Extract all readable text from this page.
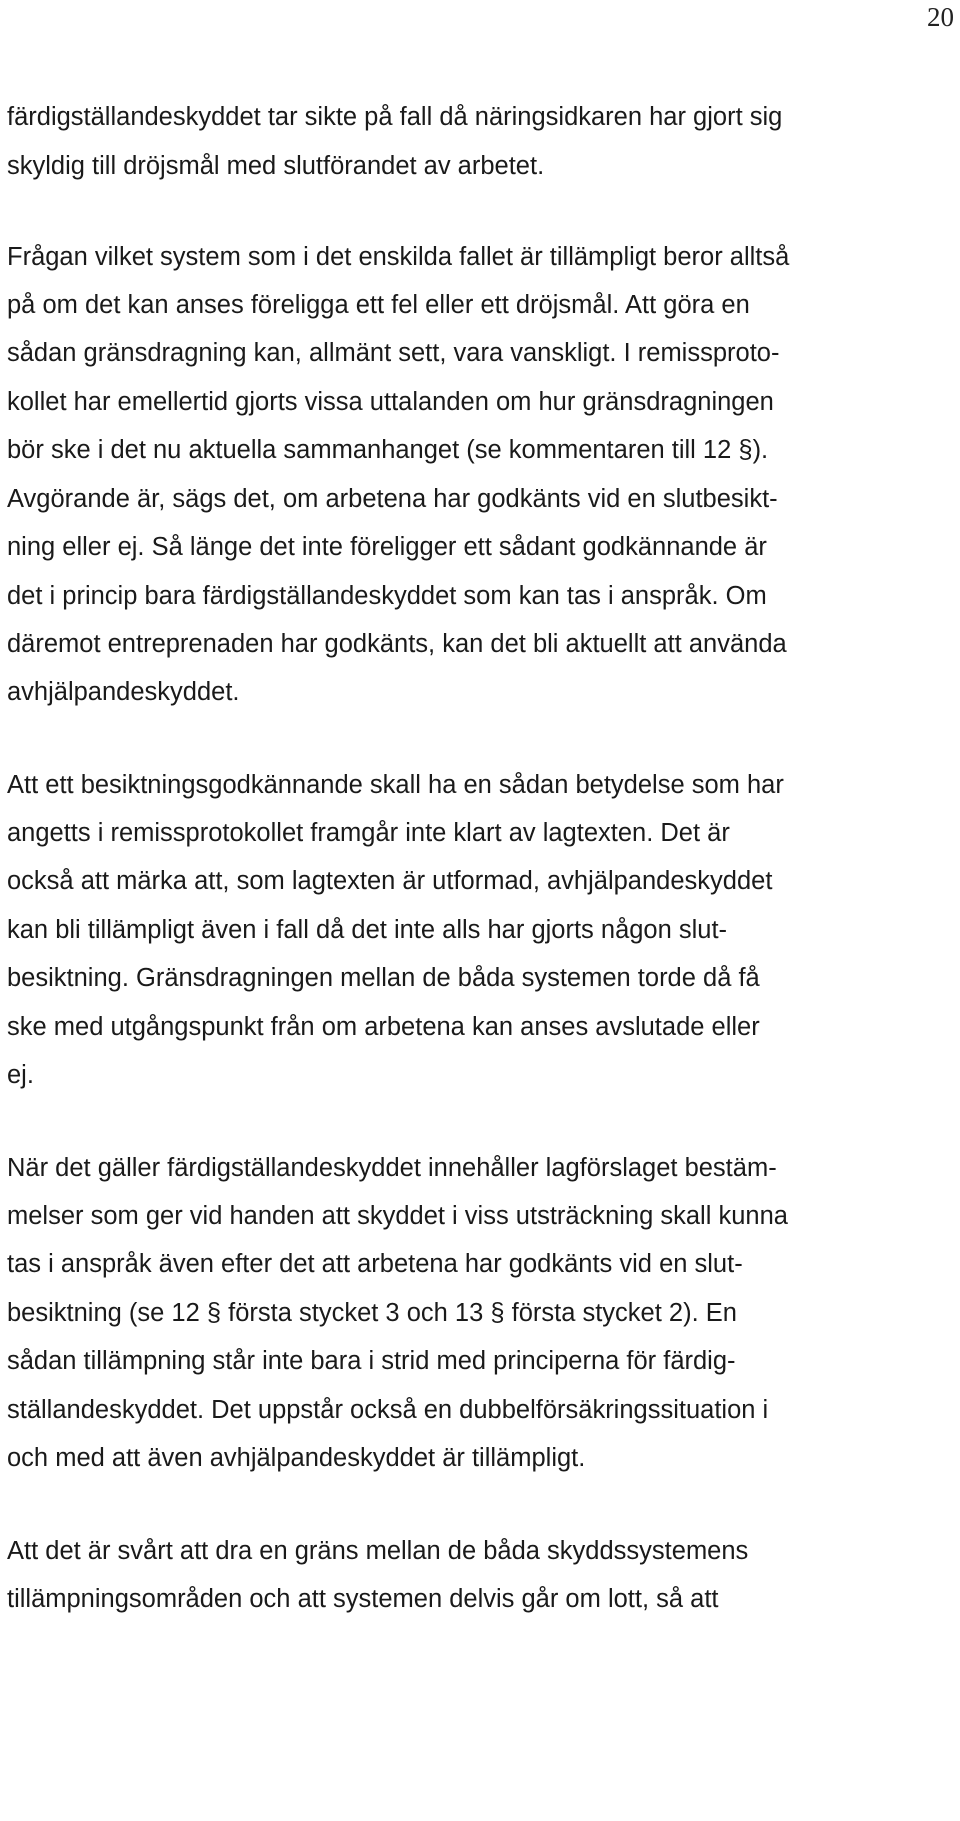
20
färdigställandeskyddet tar sikte på fall då näringsidkaren har gjort sig
skyldig till dröjsmål med slutförandet av arbetet.
Frågan vilket system som i det enskilda fallet är tillämpligt beror alltså
på om det kan anses föreligga ett fel eller ett dröjsmål. Att göra en
sådan gränsdragning kan, allmänt sett, vara vanskligt. I remissproto-
kollet har emellertid gjorts vissa uttalanden om hur gränsdragningen
bör ske i det nu aktuella sammanhanget (se kommentaren till 12 §).
Avgörande är, sägs det, om arbetena har godkänts vid en slutbesikt-
ning eller ej. Så länge det inte föreligger ett sådant godkännande är
det i princip bara färdigställandeskyddet som kan tas i anspråk. Om
däremot entreprenaden har godkänts, kan det bli aktuellt att använda
avhjälpandeskyddet.
Att ett besiktningsgodkännande skall ha en sådan betydelse som har
angetts i remissprotokollet framgår inte klart av lagtexten. Det är
också att märka att, som lagtexten är utformad, avhjälpandeskyddet
kan bli tillämpligt även i fall då det inte alls har gjorts någon slut-
besiktning. Gränsdragningen mellan de båda systemen torde då få
ske med utgångspunkt från om arbetena kan anses avslutade eller
ej.
När det gäller färdigställandeskyddet innehåller lagförslaget bestäm-
melser som ger vid handen att skyddet i viss utsträckning skall kunna
tas i anspråk även efter det att arbetena har godkänts vid en slut-
besiktning (se 12 § första stycket 3 och 13 § första stycket 2). En
sådan tillämpning står inte bara i strid med principerna för färdig-
ställandeskyddet. Det uppstår också en dubbelförsäkringssituation i
och med att även avhjälpandeskyddet är tillämpligt.
Att det är svårt att dra en gräns mellan de båda skyddssystemens
tillämpningsområden och att systemen delvis går om lott, så att
